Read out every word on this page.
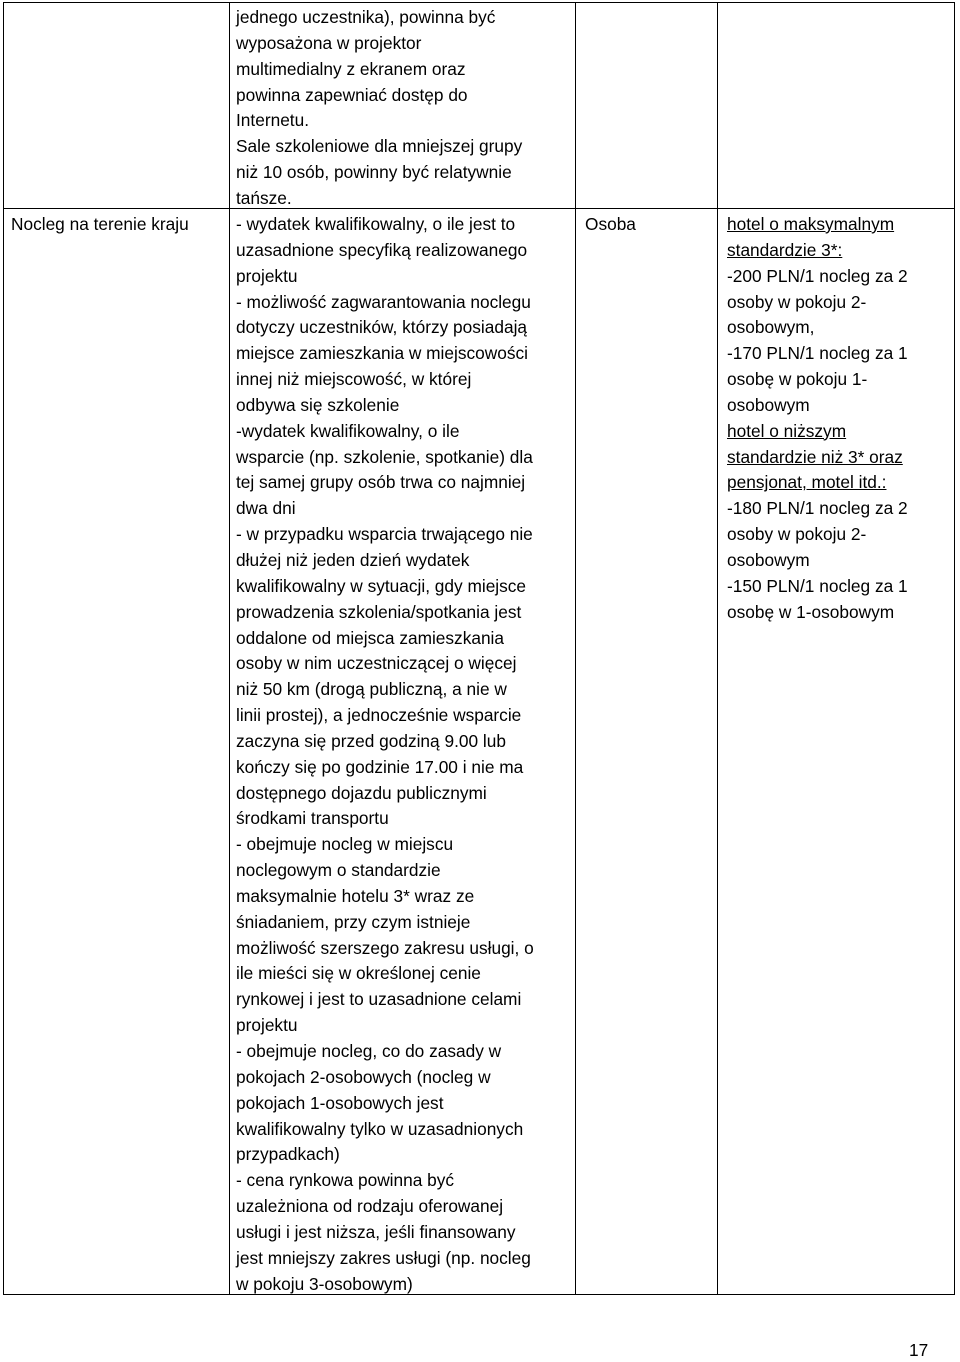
jednego uczestnika), powinna być
wyposażona w projektor
multimedialny z ekranem oraz
powinna zapewniać dostęp do
Internetu.
Sale szkoleniowe dla mniejszej grupy
niż 10 osób, powinny być relatywnie
tańsze.
Nocleg na terenie kraju	- wydatek kwalifikowalny, o ile jest to
uzasadnione specyfiką realizowanego
projektu
- możliwość zagwarantowania noclegu
dotyczy uczestników, którzy posiadają
miejsce zamieszkania w miejscowości
innej niż miejscowość, w której
odbywa się szkolenie
-wydatek kwalifikowalny, o ile
wsparcie (np. szkolenie, spotkanie) dla
tej samej grupy osób trwa co najmniej
dwa dni
- w przypadku wsparcia trwającego nie
dłużej niż jeden dzień wydatek
kwalifikowalny w sytuacji, gdy miejsce
prowadzenia szkolenia/spotkania jest
oddalone od miejsca zamieszkania
osoby w nim uczestniczącej o więcej
niż 50 km (drogą publiczną, a nie w
linii prostej), a jednocześnie wsparcie
zaczyna się przed godziną 9.00 lub
kończy się po godzinie 17.00 i nie ma
dostępnego dojazdu publicznymi
środkami transportu
- obejmuje nocleg w miejscu
noclegowym o standardzie
maksymalnie hotelu 3* wraz ze
śniadaniem, przy czym istnieje
możliwość szerszego zakresu usługi, o
ile mieści się w określonej cenie
rynkowej i jest to uzasadnione celami
projektu
- obejmuje nocleg, co do zasady w
pokojach 2-osobowych (nocleg w
pokojach 1-osobowych jest
kwalifikowalny tylko w uzasadnionych
przypadkach)
- cena rynkowa powinna być
uzależniona od rodzaju oferowanej
usługi i jest niższa, jeśli finansowany
jest mniejszy zakres usługi (np. nocleg
w pokoju 3-osobowym)
Osoba	hotel o maksymalnym
standardzie 3*:
-200 PLN/1 nocleg za 2
osoby w pokoju 2-
osobowym,
-170 PLN/1 nocleg za 1
osobę w pokoju 1-
osobowym
hotel o niższym
standardzie niż 3* oraz
pensjonat, motel itd.:
-180 PLN/1 nocleg za 2
osoby w pokoju 2-
osobowym
-150 PLN/1 nocleg za 1
osobę w 1-osobowym
17
